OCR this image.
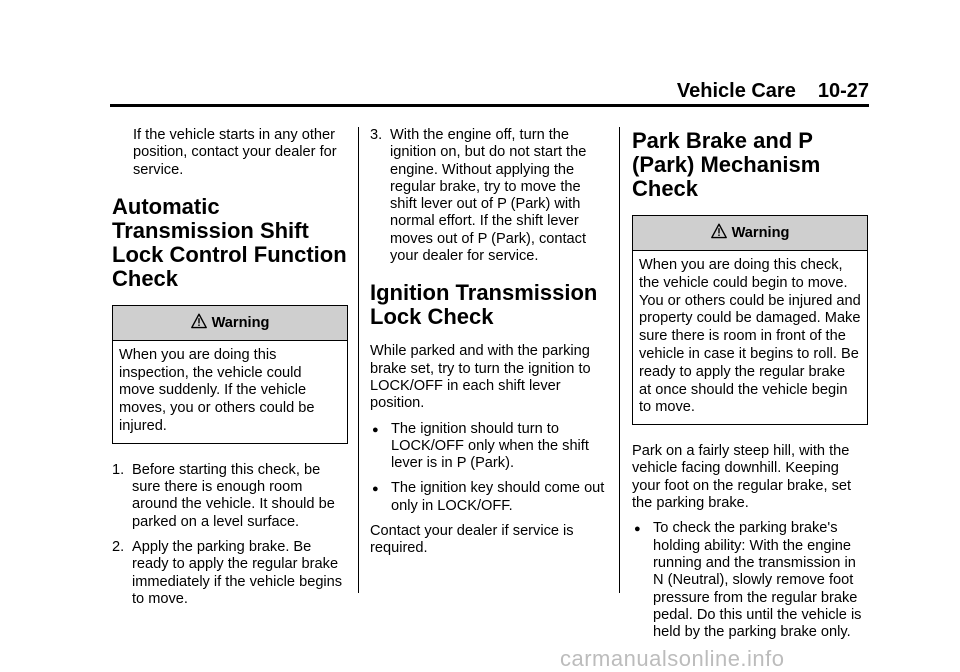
Vehicle Care 10-27

If the vehicle starts in any other position, contact your dealer for service.

Automatic Transmission Shift Lock Control Function Check
Warning
When you are doing this inspection, the vehicle could move suddenly. If the vehicle moves, you or others could be injured.
1. Before starting this check, be sure there is enough room around the vehicle. It should be parked on a level surface.
2. Apply the parking brake. Be ready to apply the regular brake immediately if the vehicle begins to move.
3. With the engine off, turn the ignition on, but do not start the engine. Without applying the regular brake, try to move the shift lever out of P (Park) with normal effort. If the shift lever moves out of P (Park), contact your dealer for service.
Ignition Transmission Lock Check

While parked and with the parking brake set, try to turn the ignition to LOCK/OFF in each shift lever position.

● The ignition should turn to LOCK/OFF only when the shift lever is in P (Park).
● The ignition key should come out only in LOCK/OFF.

Contact your dealer if service is required.

Park Brake and P (Park) Mechanism Check
Warning
When you are doing this check, the vehicle could begin to move. You or others could be injured and property could be damaged. Make sure there is room in front of the vehicle in case it begins to roll. Be ready to apply the regular brake at once should the vehicle begin to move.

Park on a fairly steep hill, with the vehicle facing downhill. Keeping your foot on the regular brake, set the parking brake.

● To check the parking brake's holding ability: With the engine running and the transmission in N (Neutral), slowly remove foot pressure from the regular brake pedal. Do this until the vehicle is held by the parking brake only.
carmanualsonline.info
